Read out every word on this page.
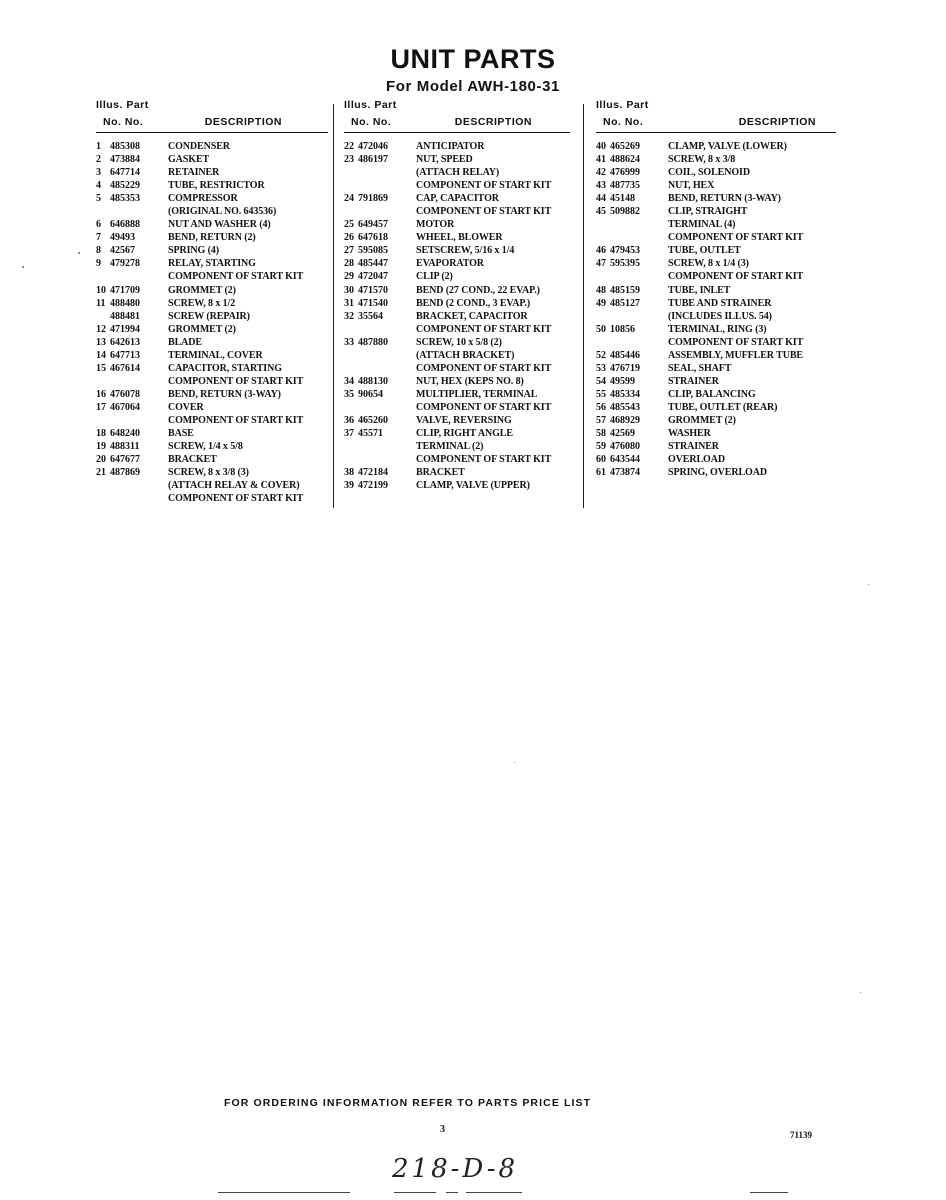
UNIT PARTS
For Model AWH-180-31
Illus. Part
No. No.	DESCRIPTION
1 485308	CONDENSER
2 473884	GASKET
3 647714	RETAINER
4 485229	TUBE, RESTRICTOR
5 485353	COMPRESSOR
(ORIGINAL NO. 643536)
6 646888	NUT AND WASHER (4)
7 49493	BEND, RETURN (2)
8 42567	SPRING (4)
9 479278	RELAY, STARTING
COMPONENT OF START KIT
10 471709	GROMMET (2)
11 488480	SCREW, 8 x 1/2
488481	SCREW (REPAIR)
12 471994	GROMMET (2)
13 642613	BLADE
14 647713	TERMINAL, COVER
15 467614	CAPACITOR, STARTING
COMPONENT OF START KIT
16 476078	BEND, RETURN (3-WAY)
17 467064	COVER
COMPONENT OF START KIT
18 648240	BASE
19 488311	SCREW, 1/4 x 5/8
20 647677	BRACKET
21 487869	SCREW, 8 x 3/8 (3)
(ATTACH RELAY & COVER)
COMPONENT OF START KIT
Illus. Part
No. No.	DESCRIPTION
22 472046	ANTICIPATOR
23 486197	NUT, SPEED
(ATTACH RELAY)
COMPONENT OF START KIT
24 791869	CAP, CAPACITOR
COMPONENT OF START KIT
25 649457	MOTOR
26 647618	WHEEL, BLOWER
27 595085	SETSCREW, 5/16 x 1/4
28 485447	EVAPORATOR
29 472047	CLIP (2)
30 471570	BEND (27 COND., 22 EVAP.)
31 471540	BEND (2 COND., 3 EVAP.)
32 35564	BRACKET, CAPACITOR
COMPONENT OF START KIT
33 487880	SCREW, 10 x 5/8 (2)
(ATTACH BRACKET)
COMPONENT OF START KIT
34 488130	NUT, HEX (KEPS NO. 8)
35 90654	MULTIPLIER, TERMINAL
COMPONENT OF START KIT
36 465260	VALVE, REVERSING
37 45571	CLIP, RIGHT ANGLE
TERMINAL (2)
COMPONENT OF START KIT
38 472184	BRACKET
39 472199	CLAMP, VALVE (UPPER)
Illus. Part
No. No.	DESCRIPTION
40 465269	CLAMP, VALVE (LOWER)
41 488624	SCREW, 8 x 3/8
42 476999	COIL, SOLENOID
43 487735	NUT, HEX
44 45148	BEND, RETURN (3-WAY)
45 509882	CLIP, STRAIGHT
TERMINAL (4)
COMPONENT OF START KIT
46 479453	TUBE, OUTLET
47 595395	SCREW, 8 x 1/4 (3)
COMPONENT OF START KIT
48 485159	TUBE, INLET
49 485127	TUBE AND STRAINER
(INCLUDES ILLUS. 54)
50 10856	TERMINAL, RING (3)
COMPONENT OF START KIT
52 485446	ASSEMBLY, MUFFLER TUBE
53 476719	SEAL, SHAFT
54 49599	STRAINER
55 485334	CLIP, BALANCING
56 485543	TUBE, OUTLET (REAR)
57 468929	GROMMET (2)
58 42569	WASHER
59 476080	STRAINER
60 643544	OVERLOAD
61 473874	SPRING, OVERLOAD
FOR ORDERING INFORMATION REFER TO PARTS PRICE LIST
3	71139
218-D-8
